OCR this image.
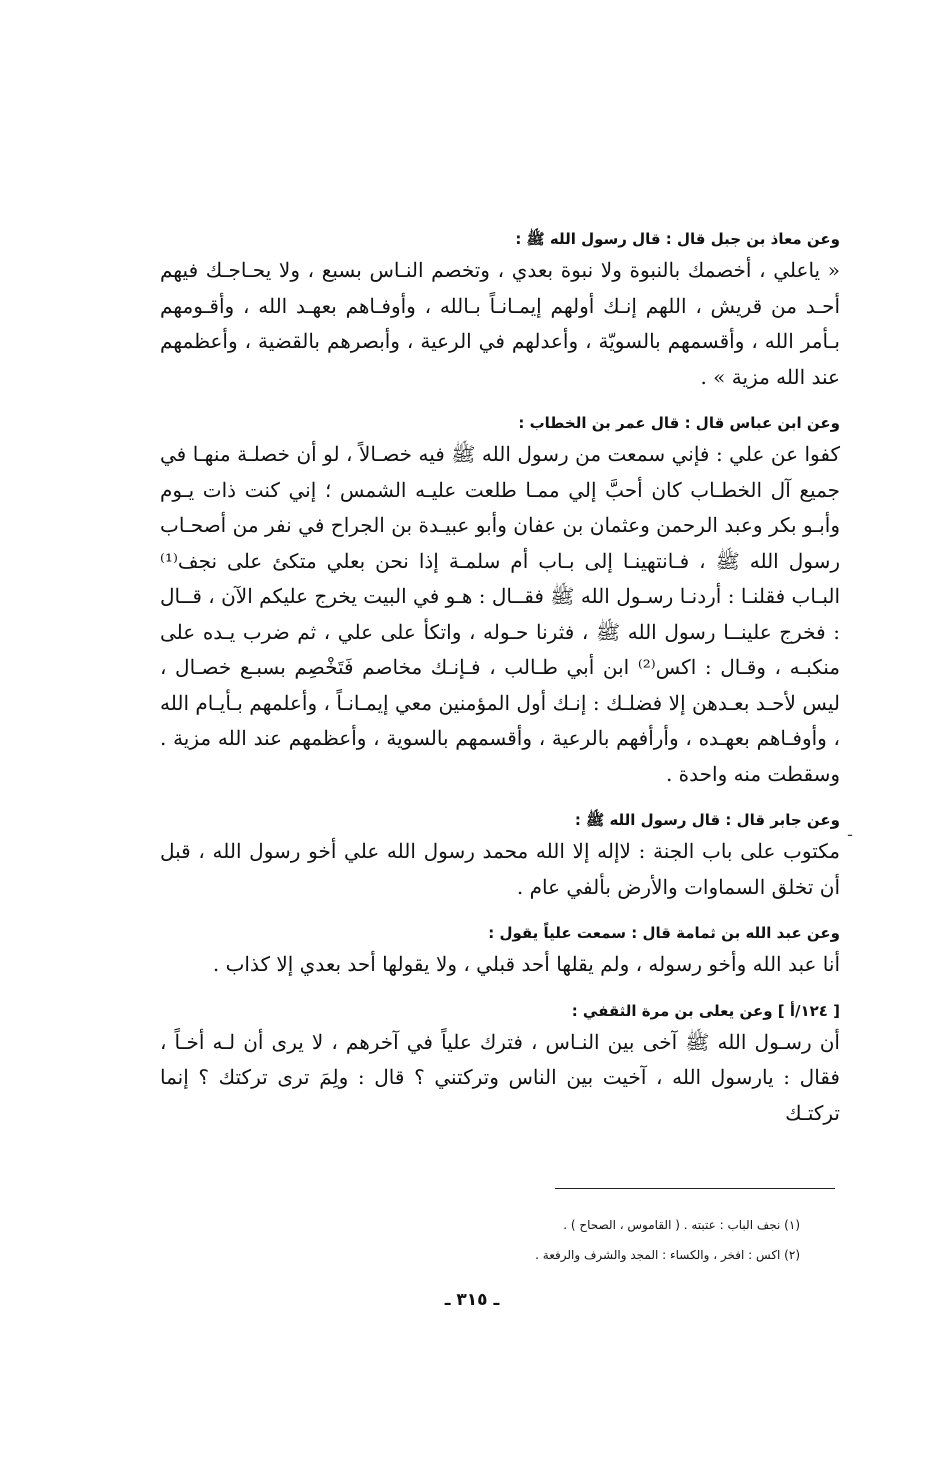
وعن معاذ بن جبل قال : قال رسول الله ﷺ :

« ياعلي ، أخصمك بالنبوة ولا نبوة بعدي ، وتخصم النـاس بسبع ، ولا يحـاجـك فيهم أحـد من قريش ، اللهم إنـك أولهم إيمـانـاً بـالله ، وأوفـاهم بعهـد الله ، وأقـومهم بـأمر الله ، وأقسمهم بالسويّة ، وأعدلهم في الرعية ، وأبصرهم بالقضية ، وأعظمهم عند الله مزية » .

وعن ابن عباس قال : قال عمر بن الخطاب :

كفوا عن علي : فإني سمعت من رسول الله ﷺ فيه خصـالاً ، لو أن خصلـة منهـا في جميع آل الخطـاب كان أحبَّ إلي ممـا طلعت عليـه الشمس ؛ إني كنت ذات يـوم وأبـو بكر وعبد الرحمن وعثمان بن عفان وأبو عبيـدة بن الجراح في نفر من أصحـاب رسول الله ﷺ ، فـانتهينـا إلى بـاب أم سلمـة إذا نحن بعلي متكئ على نجف⁽¹⁾ البـاب فقلنـا : أردنـا رسـول الله ﷺ فقــال : هـو في البيت يخرج عليكم الآن ، قــال : فخرج علينــا رسول الله ﷺ ، فثرنا حـوله ، واتكأ على علي ، ثم ضرب يـده على منكبـه ، وقـال : اكس⁽²⁾ ابن أبي طـالب ، فـإنـك مخاصم فَتَخْصِم بسبـع خصـال ، ليس لأحـد بعـدهن إلا فضلـك : إنـك أول المؤمنين معي إيمـانـاً ، وأعلمهم بـأيـام الله ، وأوفـاهم بعهـده ، وأرأفهم بالرعية ، وأقسمهم بالسوية ، وأعظمهم عند الله مزية . وسقطت منه واحدة .

وعن جابر قال : قال رسول الله ﷺ :

مكتوب على باب الجنة : لاإله إلا الله محمد رسول الله علي أخو رسول الله ، قبل أن تخلق السماوات والأرض بألفي عام .

وعن عبد الله بن ثمامة قال : سمعت علياً يقول :

أنا عبد الله وأخو رسوله ، ولم يقلها أحد قبلي ، ولا يقولها أحد بعدي إلا كذاب .

[ ١٢٤/أ ] وعن يعلى بن مرة الثقفي :

أن رسـول الله ﷺ آخى بين النـاس ، فترك علياً في آخرهم ، لا يرى أن لـه أخـاً ، فقال : يارسول الله ، آخيت بين الناس وتركتني ؟ قال : ولِمَ ترى تركتك ؟ إنما تركتـك

ـ

(١) نجف الباب : عتبته . ( القاموس ، الصحاح ) .

(٢) اكس : افخر ، والكساء : المجد والشرف والرفعة .

ـ ٣١٥ ـ
